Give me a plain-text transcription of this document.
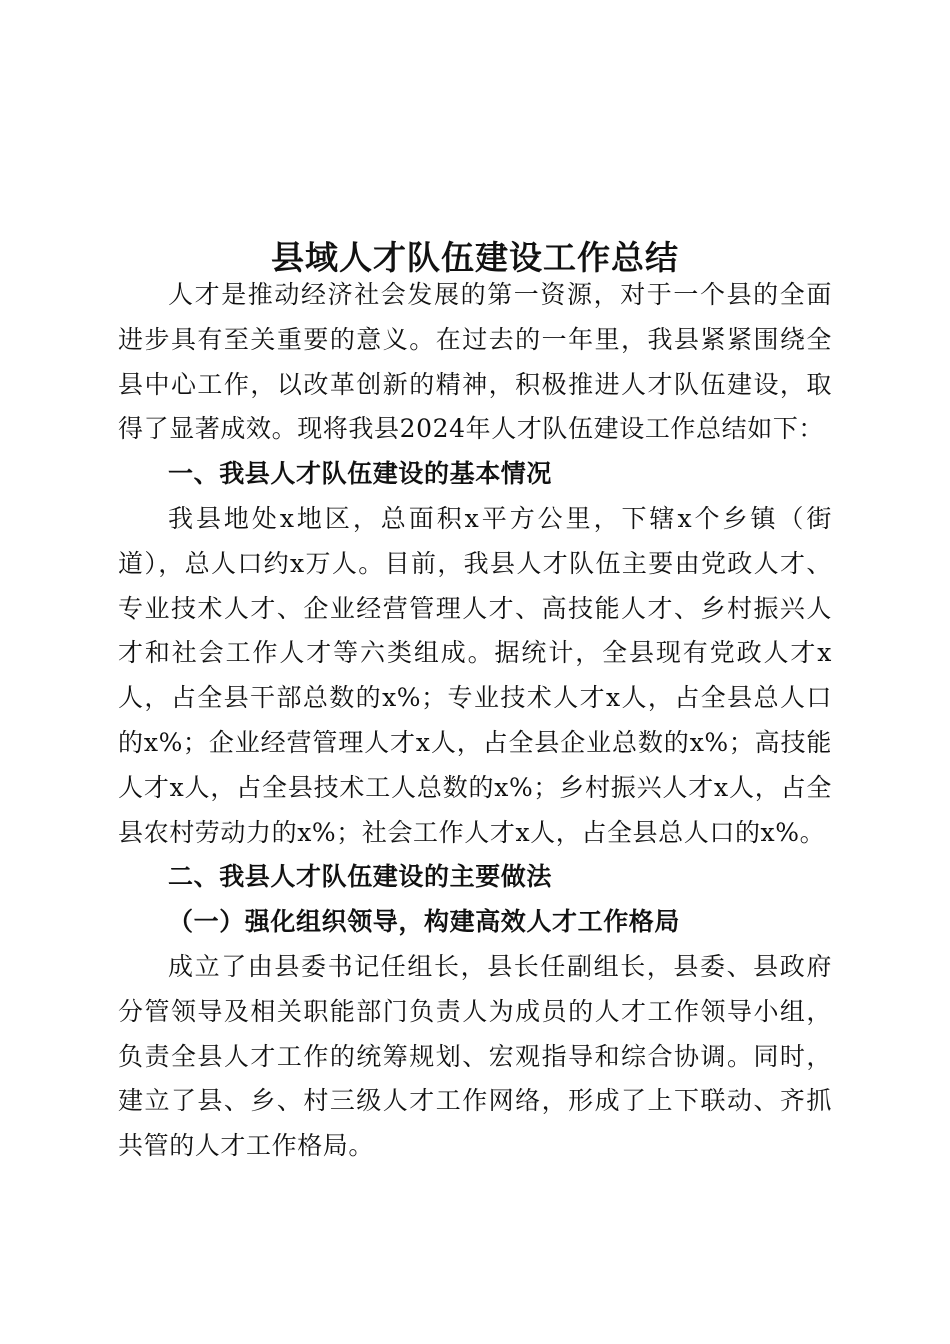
县域人才队伍建设工作总结

人才是推动经济社会发展的第一资源，对于一个县的全面进步具有至关重要的意义。在过去的一年里，我县紧紧围绕全县中心工作，以改革创新的精神，积极推进人才队伍建设，取得了显著成效。现将我县2024年人才队伍建设工作总结如下：

一、我县人才队伍建设的基本情况

我县地处x地区，总面积x平方公里，下辖x个乡镇（街道），总人口约x万人。目前，我县人才队伍主要由党政人才、专业技术人才、企业经营管理人才、高技能人才、乡村振兴人才和社会工作人才等六类组成。据统计，全县现有党政人才x人，占全县干部总数的x%；专业技术人才x人，占全县总人口的x%；企业经营管理人才x人，占全县企业总数的x%；高技能人才x人，占全县技术工人总数的x%；乡村振兴人才x人，占全县农村劳动力的x%；社会工作人才x人，占全县总人口的x%。

二、我县人才队伍建设的主要做法
（一）强化组织领导，构建高效人才工作格局

成立了由县委书记任组长，县长任副组长，县委、县政府分管领导及相关职能部门负责人为成员的人才工作领导小组，负责全县人才工作的统筹规划、宏观指导和综合协调。同时，建立了县、乡、村三级人才工作网络，形成了上下联动、齐抓共管的人才工作格局。
